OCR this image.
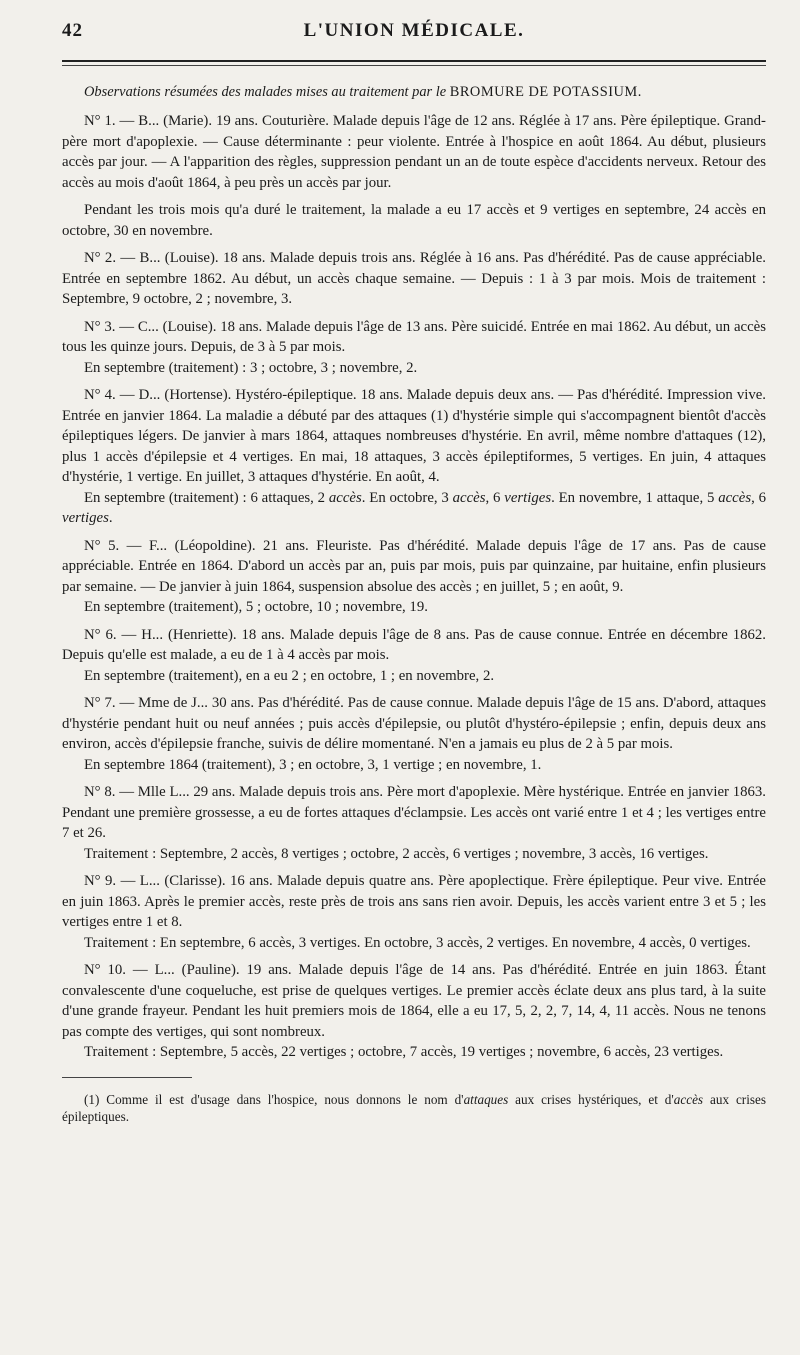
42	L'UNION MÉDICALE.
Observations résumées des malades mises au traitement par le BROMURE DE POTASSIUM.

N° 1. — B... (Marie). 19 ans. Couturière. Malade depuis l'âge de 12 ans. Réglée à 17 ans. Père épileptique. Grand-père mort d'apoplexie. — Cause déterminante : peur violente. Entrée à l'hospice en août 1864. Au début, plusieurs accès par jour. — A l'apparition des règles, suppression pendant un an de toute espèce d'accidents nerveux. Retour des accès au mois d'août 1864, à peu près un accès par jour.

Pendant les trois mois qu'a duré le traitement, la malade a eu 17 accès et 9 vertiges en septembre, 24 accès en octobre, 30 en novembre.

N° 2. — B... (Louise). 18 ans. Malade depuis trois ans. Réglée à 16 ans. Pas d'hérédité. Pas de cause appréciable. Entrée en septembre 1862. Au début, un accès chaque semaine. — Depuis : 1 à 3 par mois. Mois de traitement : Septembre, 9 octobre, 2 ; novembre, 3.

N° 3. — C... (Louise). 18 ans. Malade depuis l'âge de 13 ans. Père suicidé. Entrée en mai 1862. Au début, un accès tous les quinze jours. Depuis, de 3 à 5 par mois.

En septembre (traitement) : 3 ; octobre, 3 ; novembre, 2.

N° 4. — D... (Hortense). Hystéro-épileptique. 18 ans. Malade depuis deux ans. — Pas d'hérédité. Impression vive. Entrée en janvier 1864. La maladie a débuté par des attaques (1) d'hystérie simple qui s'accompagnent bientôt d'accès épileptiques légers. De janvier à mars 1864, attaques nombreuses d'hystérie. En avril, même nombre d'attaques (12), plus 1 accès d'épilepsie et 4 vertiges. En mai, 18 attaques, 3 accès épileptiformes, 5 vertiges. En juin, 4 attaques d'hystérie, 1 vertige. En juillet, 3 attaques d'hystérie. En août, 4.

En septembre (traitement) : 6 attaques, 2 accès. En octobre, 3 accès, 6 vertiges. En novembre, 1 attaque, 5 accès, 6 vertiges.

N° 5. — F... (Léopoldine). 21 ans. Fleuriste. Pas d'hérédité. Malade depuis l'âge de 17 ans. Pas de cause appréciable. Entrée en 1864. D'abord un accès par an, puis par mois, puis par quinzaine, par huitaine, enfin plusieurs par semaine. — De janvier à juin 1864, suspension absolue des accès ; en juillet, 5 ; en août, 9.

En septembre (traitement), 5 ; octobre, 10 ; novembre, 19.

N° 6. — H... (Henriette). 18 ans. Malade depuis l'âge de 8 ans. Pas de cause connue. Entrée en décembre 1862. Depuis qu'elle est malade, a eu de 1 à 4 accès par mois.

En septembre (traitement), en a eu 2 ; en octobre, 1 ; en novembre, 2.

N° 7. — Mme de J... 30 ans. Pas d'hérédité. Pas de cause connue. Malade depuis l'âge de 15 ans. D'abord, attaques d'hystérie pendant huit ou neuf années ; puis accès d'épilepsie, ou plutôt d'hystéro-épilepsie ; enfin, depuis deux ans environ, accès d'épilepsie franche, suivis de délire momentané. N'en a jamais eu plus de 2 à 5 par mois.

En septembre 1864 (traitement), 3 ; en octobre, 3, 1 vertige ; en novembre, 1.

N° 8. — Mlle L... 29 ans. Malade depuis trois ans. Père mort d'apoplexie. Mère hystérique. Entrée en janvier 1863. Pendant une première grossesse, a eu de fortes attaques d'éclampsie. Les accès ont varié entre 1 et 4 ; les vertiges entre 7 et 26.

Traitement : Septembre, 2 accès, 8 vertiges ; octobre, 2 accès, 6 vertiges ; novembre, 3 accès, 16 vertiges.

N° 9. — L... (Clarisse). 16 ans. Malade depuis quatre ans. Père apoplectique. Frère épileptique. Peur vive. Entrée en juin 1863. Après le premier accès, reste près de trois ans sans rien avoir. Depuis, les accès varient entre 3 et 5 ; les vertiges entre 1 et 8.

Traitement : En septembre, 6 accès, 3 vertiges. En octobre, 3 accès, 2 vertiges. En novembre, 4 accès, 0 vertiges.

N° 10. — L... (Pauline). 19 ans. Malade depuis l'âge de 14 ans. Pas d'hérédité. Entrée en juin 1863. Étant convalescente d'une coqueluche, est prise de quelques vertiges. Le premier accès éclate deux ans plus tard, à la suite d'une grande frayeur. Pendant les huit premiers mois de 1864, elle a eu 17, 5, 2, 2, 7, 14, 4, 11 accès. Nous ne tenons pas compte des vertiges, qui sont nombreux.

Traitement : Septembre, 5 accès, 22 vertiges ; octobre, 7 accès, 19 vertiges ; novembre, 6 accès, 23 vertiges.

(1) Comme il est d'usage dans l'hospice, nous donnons le nom d'attaques aux crises hystériques, et d'accès aux crises épileptiques.
